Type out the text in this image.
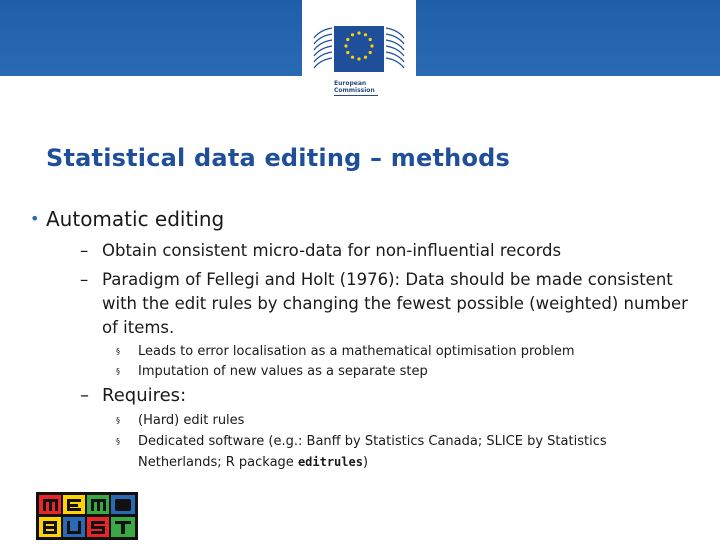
European
Commission
Statistical data editing – methods
• Automatic editing
– Obtain consistent micro-data for non-influential records
– Paradigm of Fellegi and Holt (1976): Data should be made consistent with the edit rules by changing the fewest possible (weighted) number of items.
§ Leads to error localisation as a mathematical optimisation problem
§ Imputation of new values as a separate step
– Requires:
§ (Hard) edit rules
§ Dedicated software (e.g.: Banff by Statistics Canada; SLICE by Statistics Netherlands; R package editrules)
